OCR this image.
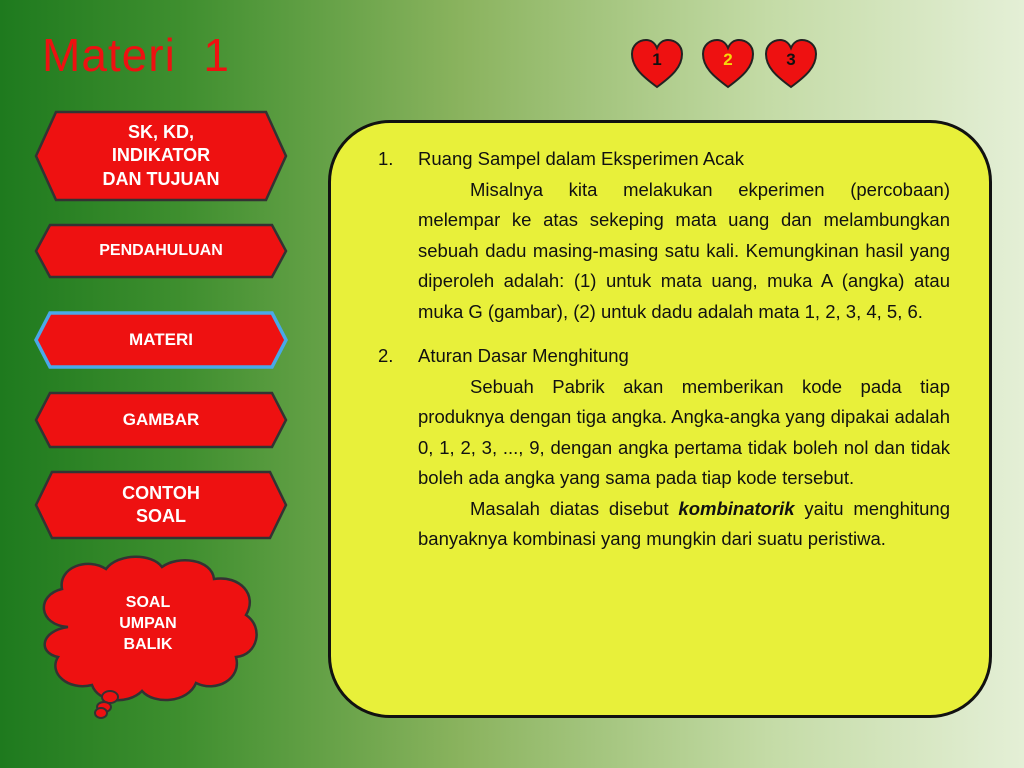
Materi  1	1	2	3
SK, KD,
INDIKATOR
DAN TUJUAN
PENDAHULUAN
MATERI
GAMBAR
CONTOH
SOAL
SOAL
UMPAN
BALIK
1.	Ruang Sampel dalam Eksperimen Acak
Misalnya kita melakukan ekperimen (percobaan) melempar ke atas sekeping mata uang dan melambungkan sebuah dadu masing-masing satu kali. Kemungkinan hasil yang diperoleh adalah: (1) untuk mata uang, muka A (angka) atau muka G (gambar), (2) untuk dadu adalah mata 1, 2, 3, 4, 5, 6.
2.	Aturan Dasar Menghitung
Sebuah Pabrik akan memberikan kode pada tiap produknya dengan tiga angka. Angka-angka yang dipakai adalah 0, 1, 2, 3, ..., 9, dengan angka pertama tidak boleh nol dan tidak boleh ada angka yang sama pada tiap kode tersebut.
Masalah diatas disebut kombinatorik yaitu menghitung banyaknya kombinasi yang mungkin dari suatu peristiwa.
